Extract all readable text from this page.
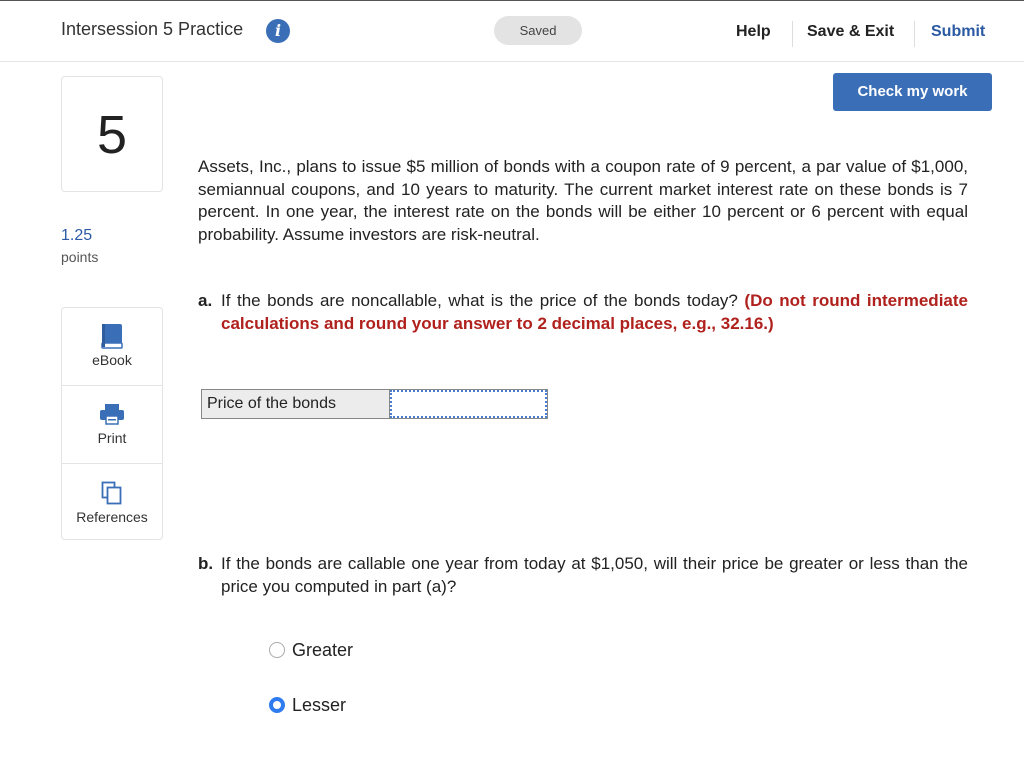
Intersession 5 Practice	i	Saved	Help Save & Exit Submit
Check my work
5
1.25
points
eBook
Print
References
Assets, Inc., plans to issue $5 million of bonds with a coupon rate of 9 percent, a par value of $1,000, semiannual coupons, and 10 years to maturity. The current market interest rate on these bonds is 7 percent. In one year, the interest rate on the bonds will be either 10 percent or 6 percent with equal probability. Assume investors are risk-neutral.
a. If the bonds are noncallable, what is the price of the bonds today? (Do not round intermediate calculations and round your answer to 2 decimal places, e.g., 32.16.)
Price of the bonds
b. If the bonds are callable one year from today at $1,050, will their price be greater or less than the price you computed in part (a)?
Greater
Lesser
